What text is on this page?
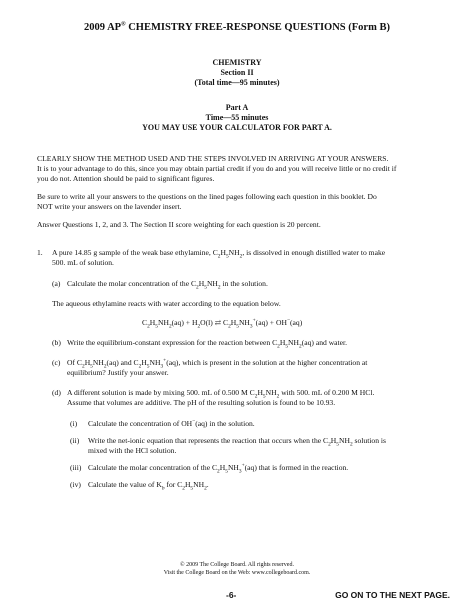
2009 AP® CHEMISTRY FREE-RESPONSE QUESTIONS (Form B)
CHEMISTRY
Section II
(Total time—95 minutes)
Part A
Time—55 minutes
YOU MAY USE YOUR CALCULATOR FOR PART A.
CLEARLY SHOW THE METHOD USED AND THE STEPS INVOLVED IN ARRIVING AT YOUR ANSWERS.
It is to your advantage to do this, since you may obtain partial credit if you do and you will receive little or no credit if
you do not. Attention should be paid to significant figures.
Be sure to write all your answers to the questions on the lined pages following each question in this booklet. Do
NOT write your answers on the lavender insert.
Answer Questions 1, 2, and 3. The Section II score weighting for each question is 20 percent.
1. A pure 14.85 g sample of the weak base ethylamine, $C_2H_5NH_2$, is dissolved in enough distilled water to make
500. mL of solution.
(a) Calculate the molar concentration of the $C_2H_5NH_2$ in the solution.
The aqueous ethylamine reacts with water according to the equation below.
$C_2H_5NH_2(aq) + H_2O(l)$ ⇄ $C_2H_5NH_3^+(aq) + OH^-(aq)$
(b) Write the equilibrium-constant expression for the reaction between $C_2H_5NH_2(aq)$ and water.
(c) Of $C_2H_5NH_2(aq)$ and $C_2H_5NH_3^+(aq)$, which is present in the solution at the higher concentration at
equilibrium? Justify your answer.
(d) A different solution is made by mixing 500. mL of 0.500 M $C_2H_5NH_2$ with 500. mL of 0.200 M HCl.
Assume that volumes are additive. The pH of the resulting solution is found to be 10.93.
(i) Calculate the concentration of OH−(aq) in the solution.
(ii) Write the net-ionic equation that represents the reaction that occurs when the $C_2H_5NH_2$ solution is
mixed with the HCl solution.
(iii) Calculate the molar concentration of the $C_2H_5NH_3^+(aq)$ that is formed in the reaction.
(iv) Calculate the value of $K_b$ for $C_2H_5NH_2$.
© 2009 The College Board. All rights reserved.
Visit the College Board on the Web: www.collegeboard.com.
-6-	GO ON TO THE NEXT PAGE.
